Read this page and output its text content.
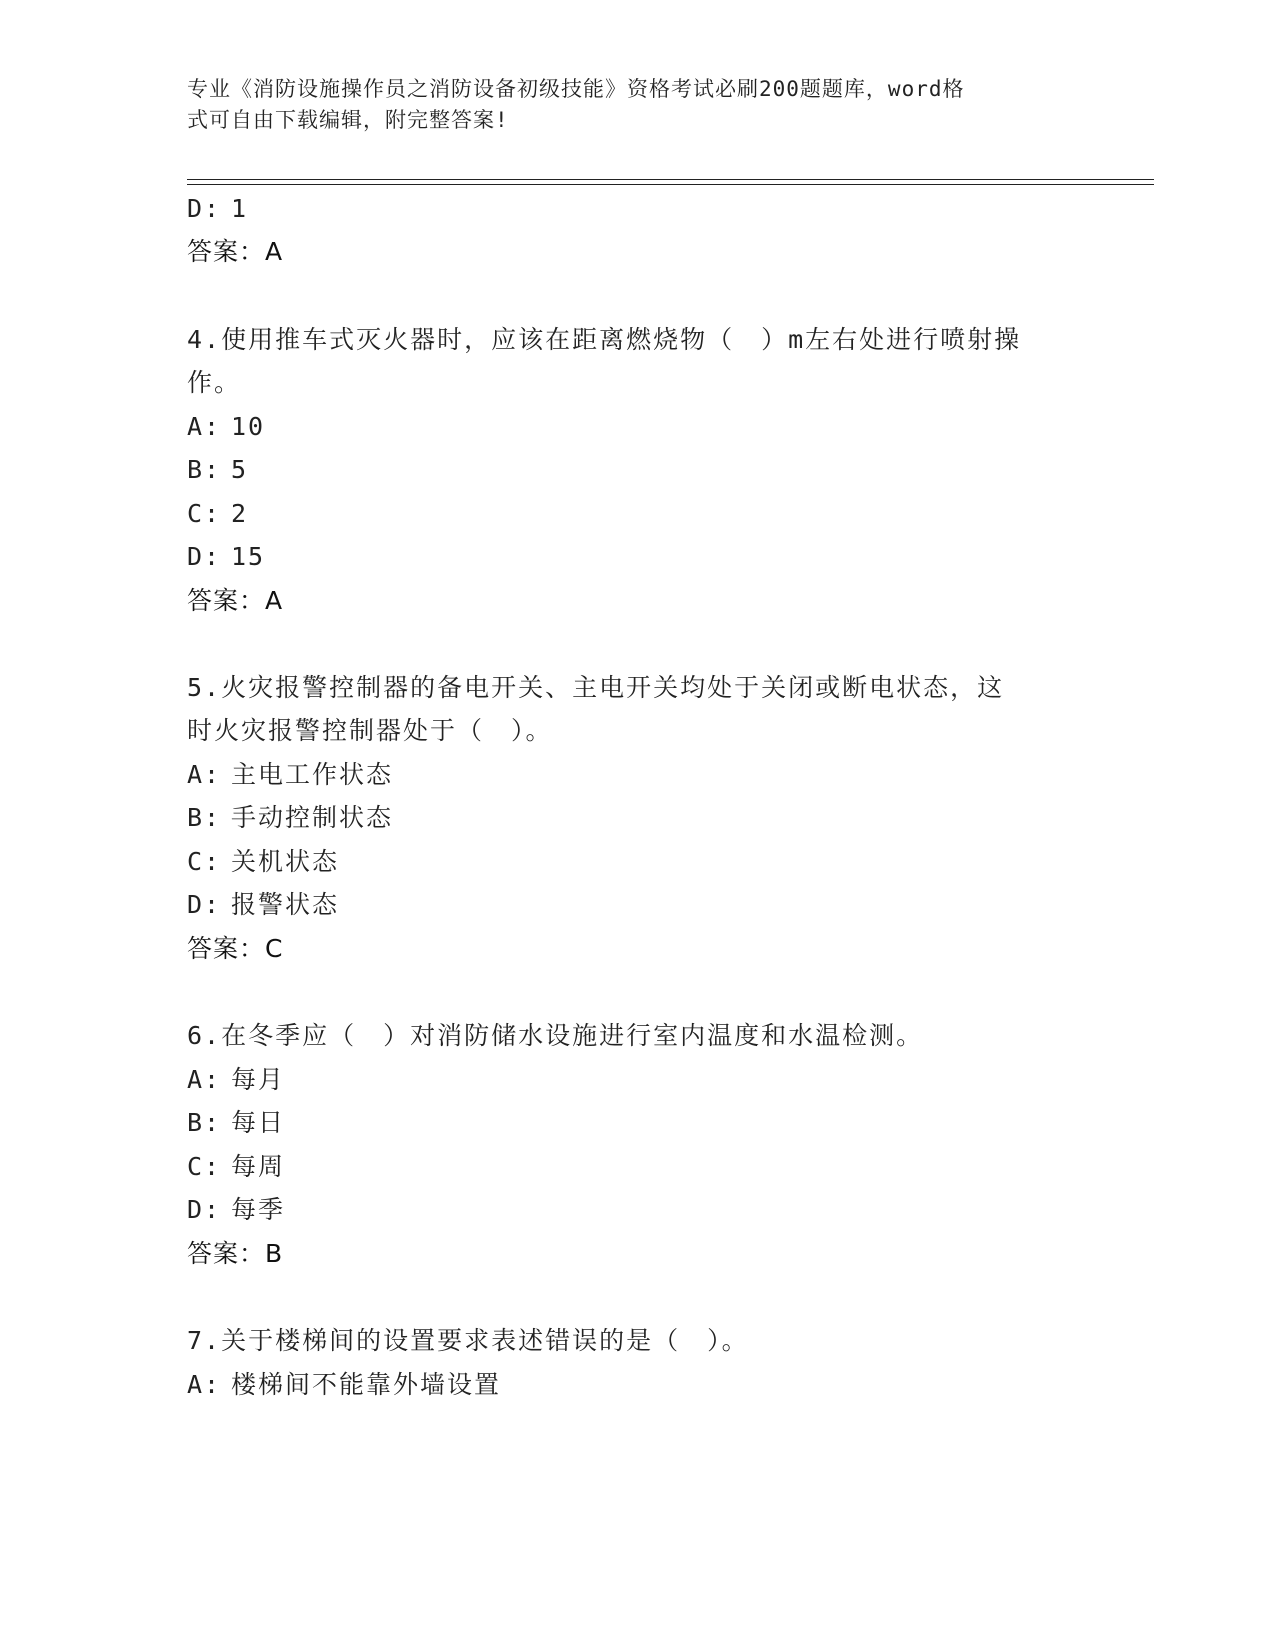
专业《消防设施操作员之消防设备初级技能》资格考试必刷200题题库，word格
式可自由下载编辑，附完整答案!
D: 1
答案：A
4.使用推车式灭火器时，应该在距离燃烧物（　）m左右处进行喷射操
作。
A: 10
B: 5
C: 2
D: 15
答案：A
5.火灾报警控制器的备电开关、主电开关均处于关闭或断电状态，这
时火灾报警控制器处于（　）。
A: 主电工作状态
B: 手动控制状态
C: 关机状态
D: 报警状态
答案：C
6.在冬季应（　）对消防储水设施进行室内温度和水温检测。
A: 每月
B: 每日
C: 每周
D: 每季
答案：B
7.关于楼梯间的设置要求表述错误的是（　）。
A: 楼梯间不能靠外墙设置
